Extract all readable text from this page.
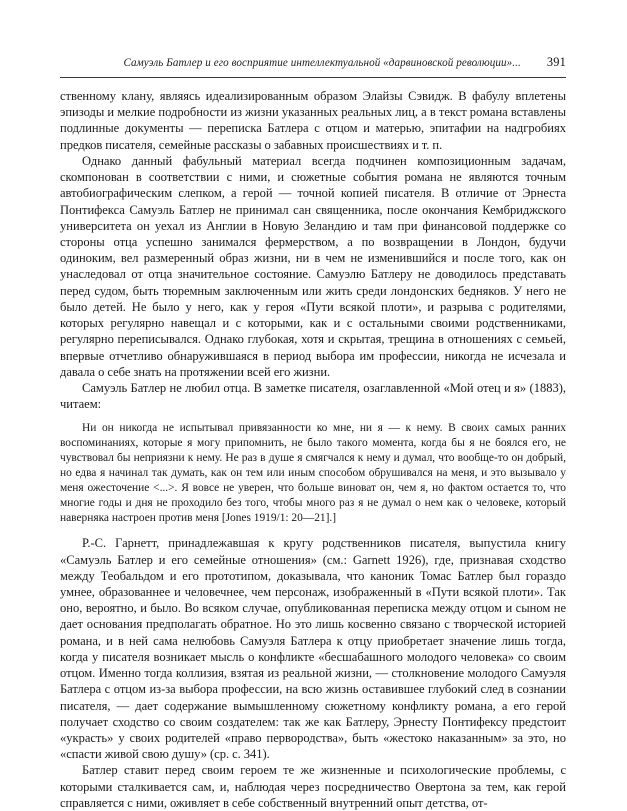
Самуэль Батлер и его восприятие интеллектуальной «дарвиновской революции»... 391

ственному клану, являясь идеализированным образом Элайзы Сэвидж. В фабулу вплетены эпизоды и мелкие подробности из жизни указанных реальных лиц, а в текст романа вставлены подлинные документы — переписка Батлера с отцом и матерью, эпитафии на надгробиях предков писателя, семейные рассказы о забавных происшествиях и т. п.

Однако данный фабульный материал всегда подчинен композиционным задачам, скомпонован в соответствии с ними, и сюжетные события романа не являются точным автобиографическим слепком, а герой — точной копией писателя. В отличие от Эрнеста Понтифекса Самуэль Батлер не принимал сан священника, после окончания Кембриджского университета он уехал из Англии в Новую Зеландию и там при финансовой поддержке со стороны отца успешно занимался фермерством, а по возвращении в Лондон, будучи одиноким, вел размеренный образ жизни, ни в чем не изменившийся и после того, как он унаследовал от отца значительное состояние. Самуэлю Батлеру не доводилось представать перед судом, быть тюремным заключенным или жить среди лондонских бедняков. У него не было детей. Не было у него, как у героя «Пути всякой плоти», и разрыва с родителями, которых регулярно навещал и с которыми, как и с остальными своими родственниками, регулярно переписывался. Однако глубокая, хотя и скрытая, трещина в отношениях с семьей, впервые отчетливо обнаружившаяся в период выбора им профессии, никогда не исчезала и давала о себе знать на протяжении всей его жизни.

Самуэль Батлер не любил отца. В заметке писателя, озаглавленной «Мой отец и я» (1883), читаем:

Ни он никогда не испытывал привязанности ко мне, ни я — к нему. В своих самых ранних воспоминаниях, которые я могу припомнить, не было такого момента, когда бы я не боялся его, не чувствовал бы неприязни к нему. Не раз в душе я смягчался к нему и думал, что вообще-то он добрый, но едва я начинал так думать, как он тем или иным способом обрушивался на меня, и это вызывало у меня ожесточение <...>. Я вовсе не уверен, что больше виноват он, чем я, но фактом остается то, что многие годы и дня не проходило без того, чтобы много раз я не думал о нем как о человеке, который наверняка настроен против меня [Jones 1919/1: 20—21].]

Р.-С. Гарнетт, принадлежавшая к кругу родственников писателя, выпустила книгу «Самуэль Батлер и его семейные отношения» (см.: Garnett 1926), где, признавая сходство между Теобальдом и его прототипом, доказывала, что каноник Томас Батлер был гораздо умнее, образованнее и человечнее, чем персонаж, изображенный в «Пути всякой плоти». Так оно, вероятно, и было. Во всяком случае, опубликованная переписка между отцом и сыном не дает основания предполагать обратное. Но это лишь косвенно связано с творческой историей романа, и в ней сама нелюбовь Самуэля Батлера к отцу приобретает значение лишь тогда, когда у писателя возникает мысль о конфликте «бесшабашного молодого человека» со своим отцом. Именно тогда коллизия, взятая из реальной жизни, — столкновение молодого Самуэля Батлера с отцом из-за выбора профессии, на всю жизнь оставившее глубокий след в сознании писателя, — дает содержание вымышленному сюжетному конфликту романа, а его герой получает сходство со своим создателем: так же как Батлеру, Эрнесту Понтифексу предстоит «украсть» у своих родителей «право первородства», быть «жестоко наказанным» за это, но «спасти живой свою душу» (ср. с. 341).

Батлер ставит перед своим героем те же жизненные и психологические проблемы, с которыми сталкивается сам, и, наблюдая через посредничество Овертона за тем, как герой справляется с ними, оживляет в себе собственный внутренний опыт детства, от-
